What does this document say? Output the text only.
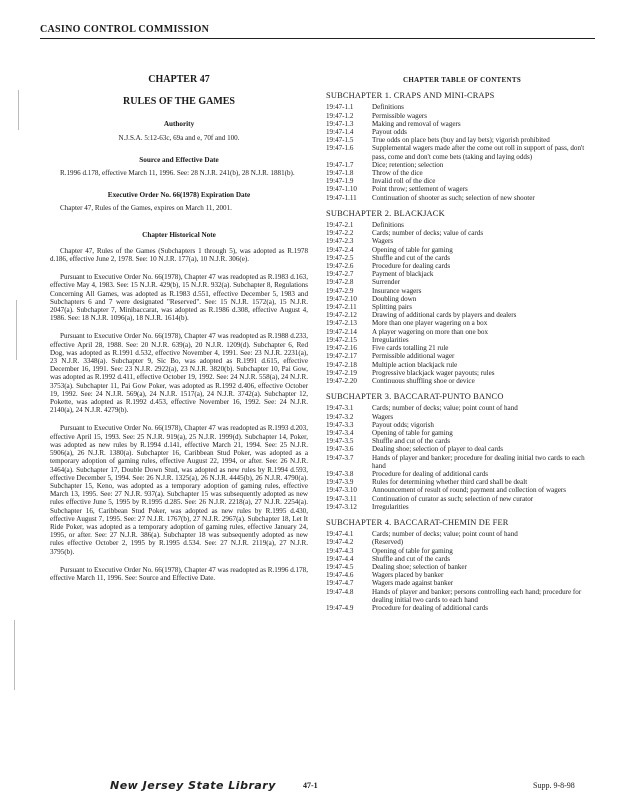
CASINO CONTROL COMMISSION
CHAPTER 47
RULES OF THE GAMES
Authority
N.J.S.A. 5:12-63c, 69a and e, 70f and 100.
Source and Effective Date
R.1996 d.178, effective March 11, 1996. See: 28 N.J.R. 241(b), 28 N.J.R. 1881(b).
Executive Order No. 66(1978) Expiration Date
Chapter 47, Rules of the Games, expires on March 11, 2001.
Chapter Historical Note
Chapter 47, Rules of the Games (Subchapters 1 through 5), was adopted as R.1978 d.186, effective June 2, 1978. See: 10 N.J.R. 177(a), 10 N.J.R. 306(e).
Pursuant to Executive Order No. 66(1978), Chapter 47 was readopted as R.1983 d.163, effective May 4, 1983. See: 15 N.J.R. 429(b), 15 N.J.R. 932(a). Subchapter 8, Regulations Concerning All Games, was adopted as R.1983 d.551, effective December 5, 1983 and Subchapters 6 and 7 were designated "Reserved". See: 15 N.J.R. 1572(a), 15 N.J.R. 2047(a). Subchapter 7, Minibaccarat, was adopted as R.1986 d.308, effective August 4, 1986. See: 18 N.J.R. 1096(a), 18 N.J.R. 1614(b).
Pursuant to Executive Order No. 66(1978), Chapter 47 was readopted as R.1988 d.233, effective April 28, 1988. See: 20 N.J.R. 639(a), 20 N.J.R. 1209(d). Subchapter 6, Red Dog, was adopted as R.1991 d.532, effective November 4, 1991. See: 23 N.J.R. 2231(a), 23 N.J.R. 3348(a). Subchapter 9, Sic Bo, was adopted as R.1991 d.615, effective December 16, 1991. See: 23 N.J.R. 2922(a), 23 N.J.R. 3820(b). Subchapter 10, Pai Gow, was adopted as R.1992 d.411, effective October 19, 1992. See: 24 N.J.R. 558(a), 24 N.J.R. 3753(a). Subchapter 11, Pai Gow Poker, was adopted as R.1992 d.406, effective October 19, 1992. See: 24 N.J.R. 569(a), 24 N.J.R. 1517(a), 24 N.J.R. 3742(a). Subchapter 12, Pokette, was adopted as R.1992 d.453, effective November 16, 1992. See: 24 N.J.R. 2140(a), 24 N.J.R. 4279(b).
Pursuant to Executive Order No. 66(1978), Chapter 47 was readopted as R.1993 d.203, effective April 15, 1993. See: 25 N.J.R. 919(a), 25 N.J.R. 1999(d). Subchapter 14, Poker, was adopted as new rules by R.1994 d.141, effective March 21, 1994. See: 25 N.J.R. 5906(a), 26 N.J.R. 1380(a). Subchapter 16, Caribbean Stud Poker, was adopted as a temporary adoption of gaming rules, effective August 22, 1994, or after. See: 26 N.J.R. 3464(a). Subchapter 17, Double Down Stud, was adopted as new rules by R.1994 d.593, effective December 5, 1994. See: 26 N.J.R. 1325(a), 26 N.J.R. 4445(b), 26 N.J.R. 4790(a). Subchapter 15, Keno, was adopted as a temporary adoption of gaming rules, effective March 13, 1995. See: 27 N.J.R. 937(a). Subchapter 15 was subsequently adopted as new rules effective June 5, 1995 by R.1995 d.285. See: 26 N.J.R. 2218(a), 27 N.J.R. 2254(a). Subchapter 16, Caribbean Stud Poker, was adopted as new rules by R.1995 d.430, effective August 7, 1995. See: 27 N.J.R. 1767(b), 27 N.J.R. 2967(a). Subchapter 18, Let It Ride Poker, was adopted as a temporary adoption of gaming rules, effective January 24, 1995, or after. See: 27 N.J.R. 386(a). Subchapter 18 was subsequently adopted as new rules effective October 2, 1995 by R.1995 d.534. See: 27 N.J.R. 2119(a), 27 N.J.R. 3795(b).
Pursuant to Executive Order No. 66(1978), Chapter 47 was readopted as R.1996 d.178, effective March 11, 1996. See: Source and Effective Date.
CHAPTER TABLE OF CONTENTS
SUBCHAPTER 1. CRAPS AND MINI-CRAPS
19:47-1.1	Definitions
19:47-1.2	Permissible wagers
19:47-1.3	Making and removal of wagers
19:47-1.4	Payout odds
19:47-1.5	True odds on place bets (buy and lay bets); vigorish prohibited
19:47-1.6	Supplemental wagers made after the come out roll in support of pass, don't pass, come and don't come bets (taking and laying odds)
19:47-1.7	Dice; retention; selection
19:47-1.8	Throw of the dice
19:47-1.9	Invalid roll of the dice
19:47-1.10	Point throw; settlement of wagers
19:47-1.11	Continuation of shooter as such; selection of new shooter
SUBCHAPTER 2. BLACKJACK
19:47-2.1	Definitions
19:47-2.2	Cards; number of decks; value of cards
19:47-2.3	Wagers
19:47-2.4	Opening of table for gaming
19:47-2.5	Shuffle and cut of the cards
19:47-2.6	Procedure for dealing cards
19:47-2.7	Payment of blackjack
19:47-2.8	Surrender
19:47-2.9	Insurance wagers
19:47-2.10	Doubling down
19:47-2.11	Splitting pairs
19:47-2.12	Drawing of additional cards by players and dealers
19:47-2.13	More than one player wagering on a box
19:47-2.14	A player wagering on more than one box
19:47-2.15	Irregularities
19:47-2.16	Five cards totalling 21 rule
19:47-2.17	Permissible additional wager
19:47-2.18	Multiple action blackjack rule
19:47-2.19	Progressive blackjack wager payouts; rules
19:47-2.20	Continuous shuffling shoe or device
SUBCHAPTER 3. BACCARAT-PUNTO BANCO
19:47-3.1	Cards; number of decks; value; point count of hand
19:47-3.2	Wagers
19:47-3.3	Payout odds; vigorish
19:47-3.4	Opening of table for gaming
19:47-3.5	Shuffle and cut of the cards
19:47-3.6	Dealing shoe; selection of player to deal cards
19:47-3.7	Hands of player and banker; procedure for dealing initial two cards to each hand
19:47-3.8	Procedure for dealing of additional cards
19:47-3.9	Rules for determining whether third card shall be dealt
19:47-3.10	Announcement of result of round; payment and collection of wagers
19:47-3.11	Continuation of curator as such; selection of new curator
19:47-3.12	Irregularities
SUBCHAPTER 4. BACCARAT-CHEMIN DE FER
19:47-4.1	Cards; number of decks; value; point count of hand
19:47-4.2	(Reserved)
19:47-4.3	Opening of table for gaming
19:47-4.4	Shuffle and cut of the cards
19:47-4.5	Dealing shoe; selection of banker
19:47-4.6	Wagers placed by banker
19:47-4.7	Wagers made against banker
19:47-4.8	Hands of player and banker; persons controlling each hand; procedure for dealing initial two cards to each hand
19:47-4.9	Procedure for dealing of additional cards
New Jersey State Library	47-1	Supp. 9-8-98
